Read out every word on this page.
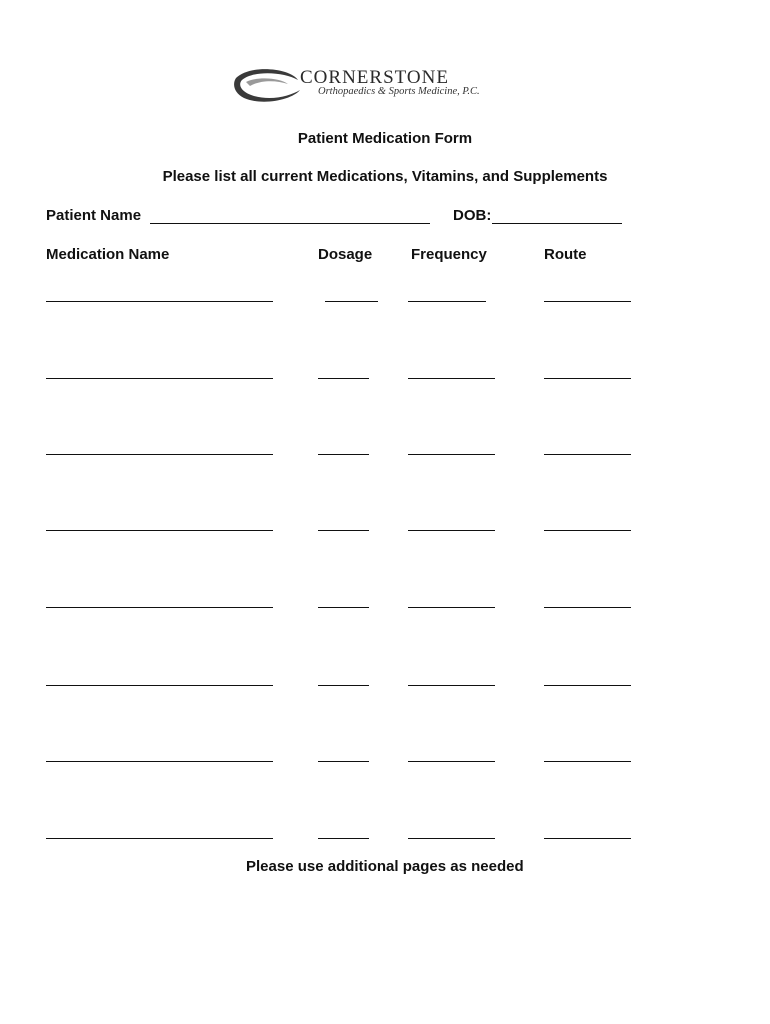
CORNERSTONE
Orthopaedics & Sports Medicine, P.C.
Patient Medication Form
Please list all current Medications, Vitamins, and Supplements
Patient Name	DOB:
Medication Name	Dosage	Frequency	Route
Please use additional pages as needed
